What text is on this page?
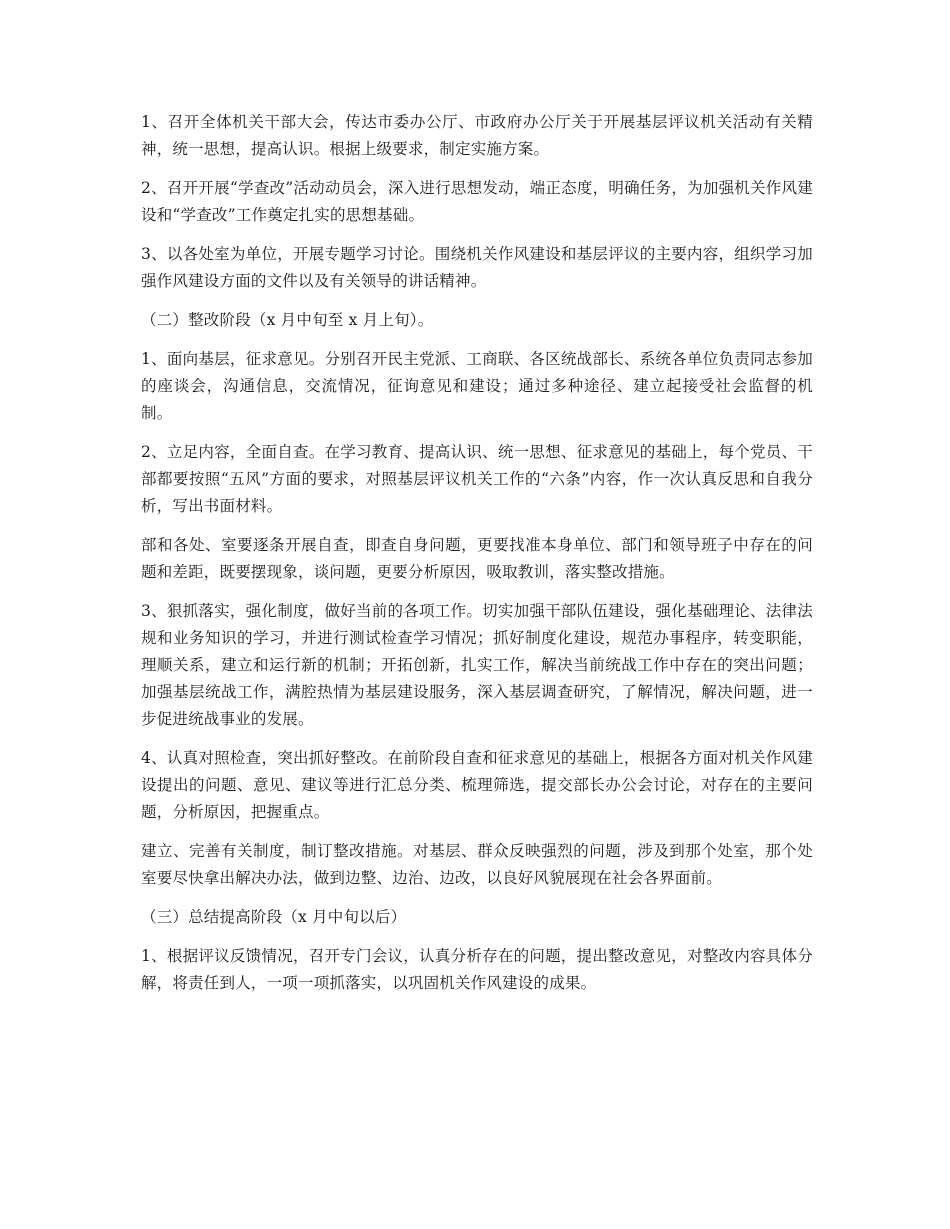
1、召开全体机关干部大会，传达市委办公厅、市政府办公厅关于开展基层评议机关活动有关精神，统一思想，提高认识。根据上级要求，制定实施方案。

2、召开开展“学查改”活动动员会，深入进行思想发动，端正态度，明确任务，为加强机关作风建设和“学查改”工作奠定扎实的思想基础。

3、以各处室为单位，开展专题学习讨论。围绕机关作风建设和基层评议的主要内容，组织学习加强作风建设方面的文件以及有关领导的讲话精神。

（二）整改阶段（x 月中旬至 x 月上旬）。

1、面向基层，征求意见。分别召开民主党派、工商联、各区统战部长、系统各单位负责同志参加的座谈会，沟通信息，交流情况，征询意见和建设；通过多种途径、建立起接受社会监督的机制。

2、立足内容，全面自查。在学习教育、提高认识、统一思想、征求意见的基础上，每个党员、干部都要按照“五风”方面的要求，对照基层评议机关工作的“六条”内容，作一次认真反思和自我分析，写出书面材料。

部和各处、室要逐条开展自查，即查自身问题，更要找准本身单位、部门和领导班子中存在的问题和差距，既要摆现象，谈问题，更要分析原因，吸取教训，落实整改措施。

3、狠抓落实，强化制度，做好当前的各项工作。切实加强干部队伍建设，强化基础理论、法律法规和业务知识的学习，并进行测试检查学习情况；抓好制度化建设，规范办事程序，转变职能，理顺关系，建立和运行新的机制；开拓创新，扎实工作，解决当前统战工作中存在的突出问题；加强基层统战工作，满腔热情为基层建设服务，深入基层调查研究，了解情况，解决问题，进一步促进统战事业的发展。

4、认真对照检查，突出抓好整改。在前阶段自查和征求意见的基础上，根据各方面对机关作风建设提出的问题、意见、建议等进行汇总分类、梳理筛选，提交部长办公会讨论，对存在的主要问题，分析原因，把握重点。

建立、完善有关制度，制订整改措施。对基层、群众反映强烈的问题，涉及到那个处室，那个处室要尽快拿出解决办法，做到边整、边治、边改，以良好风貌展现在社会各界面前。

（三）总结提高阶段（x 月中旬以后）

1、根据评议反馈情况，召开专门会议，认真分析存在的问题，提出整改意见，对整改内容具体分解，将责任到人，一项一项抓落实，以巩固机关作风建设的成果。
